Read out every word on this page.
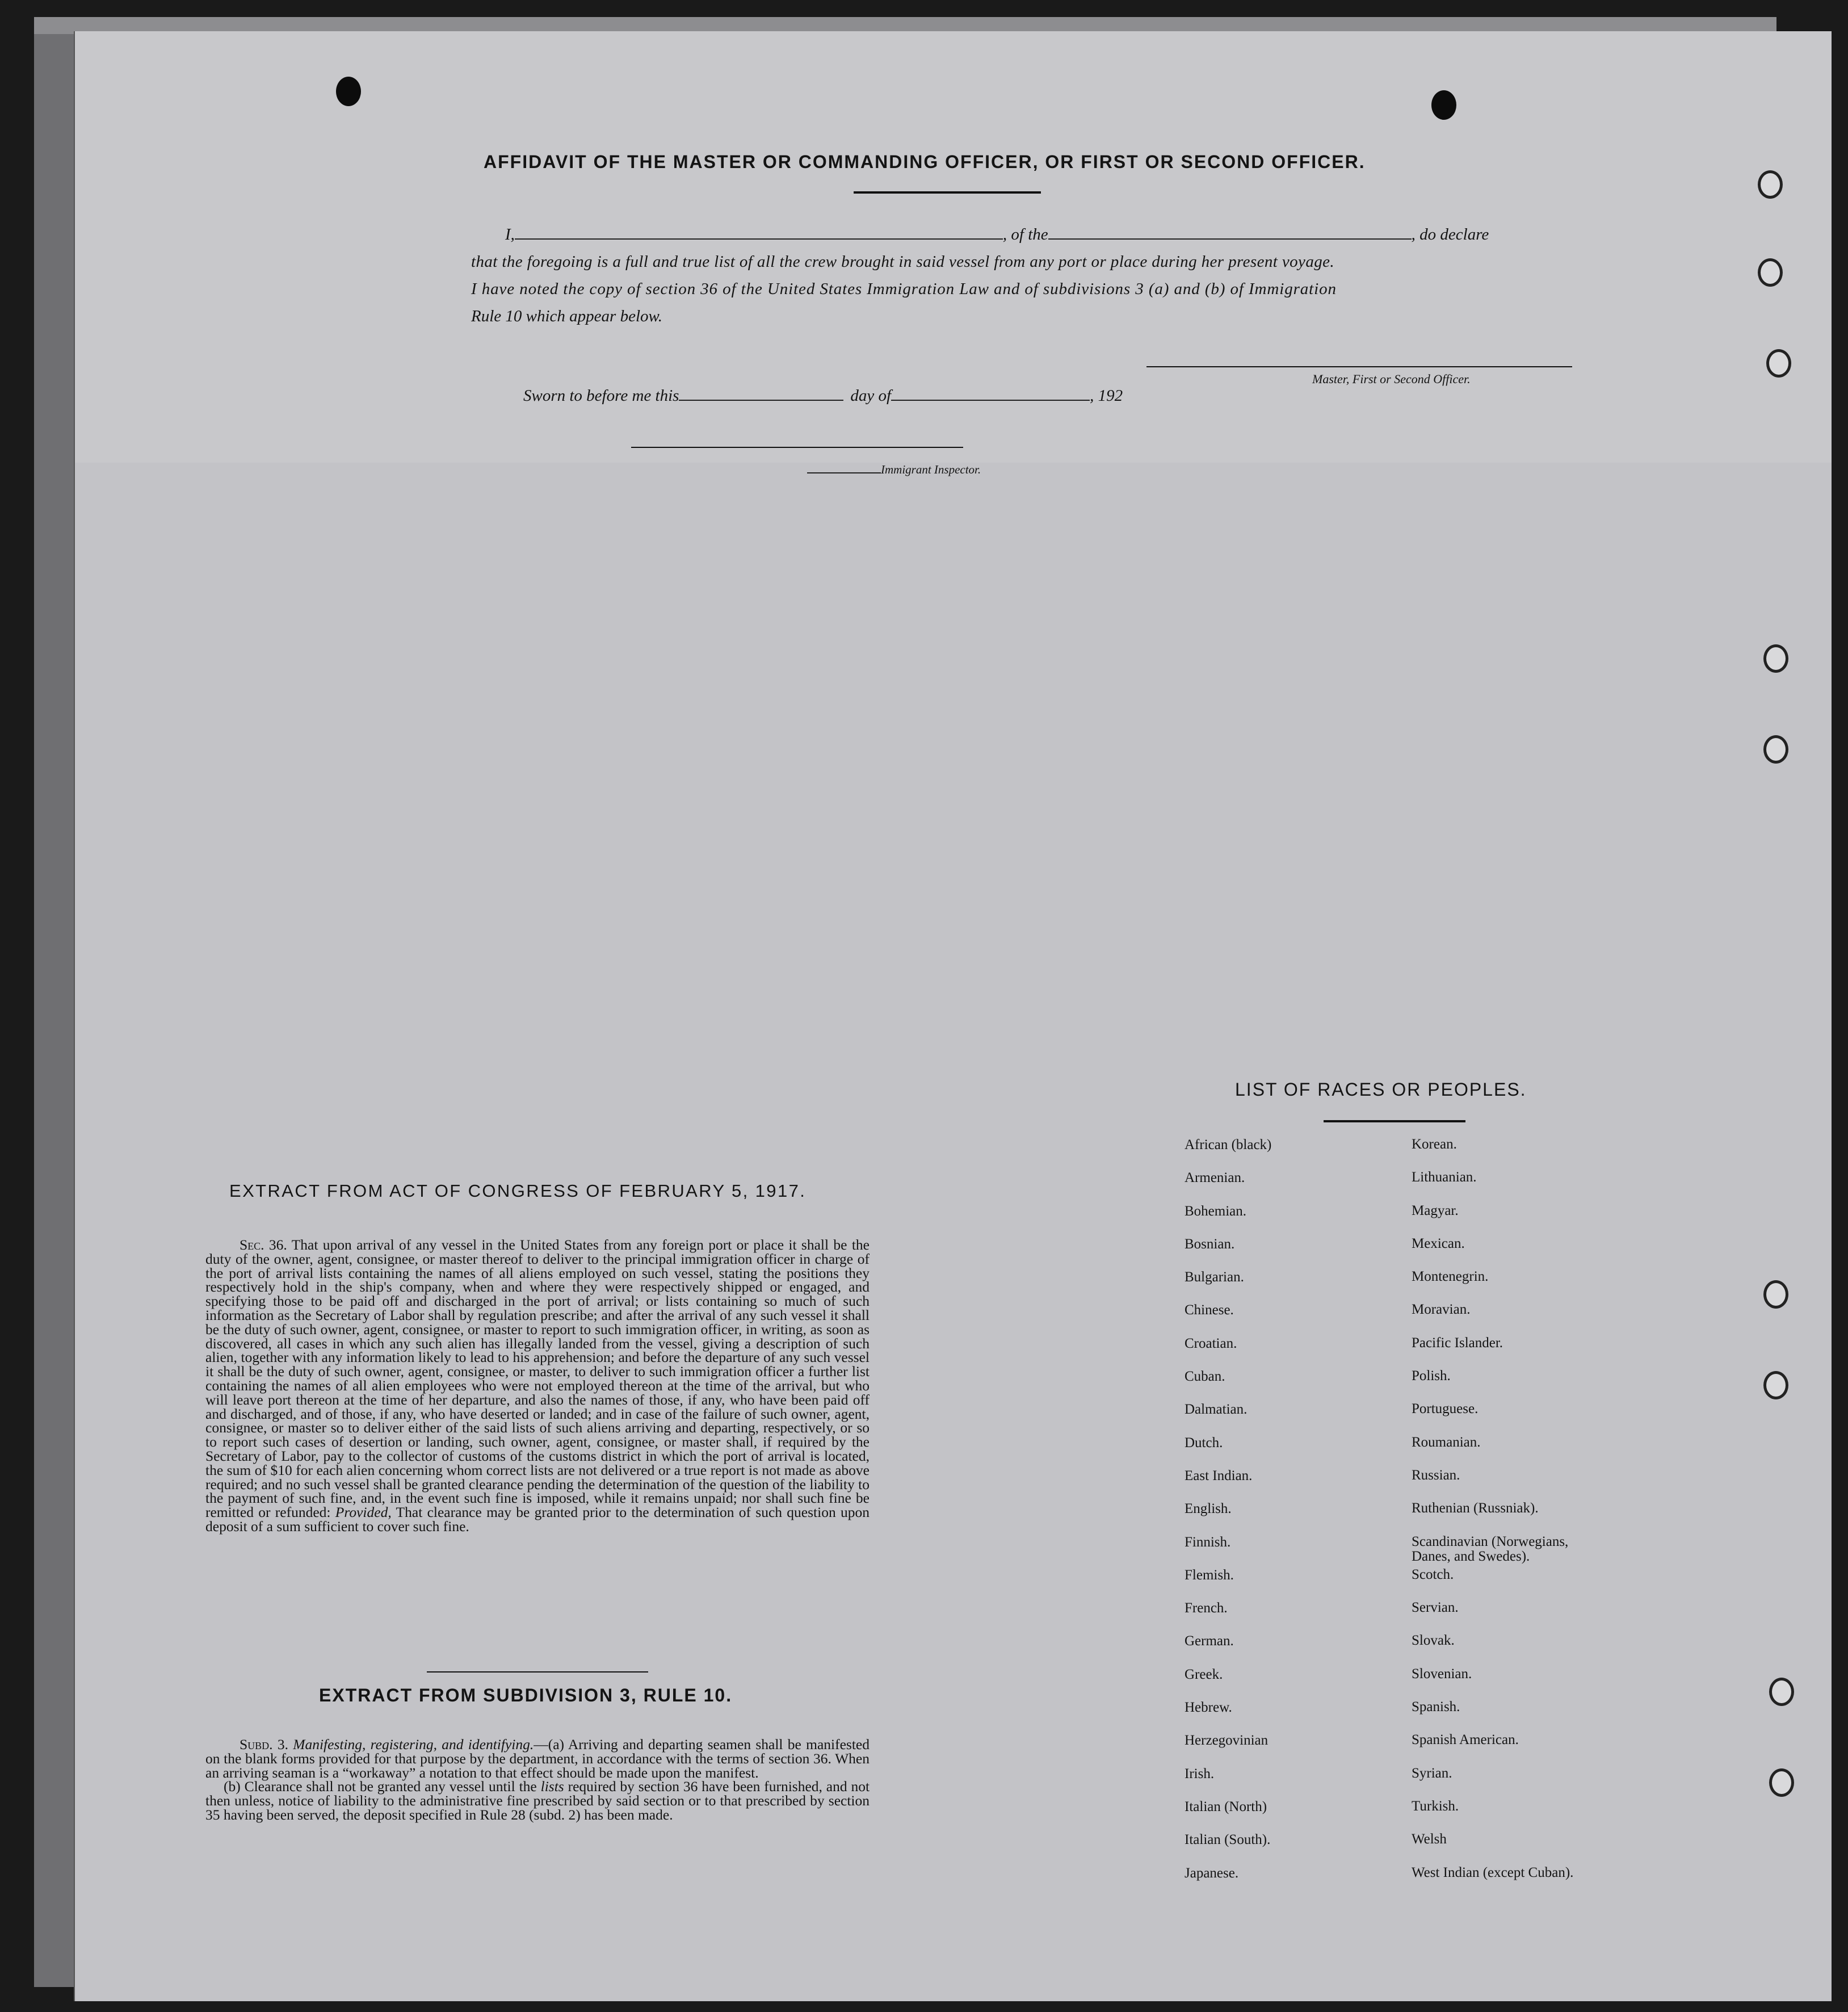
AFFIDAVIT OF THE MASTER OR COMMANDING OFFICER, OR FIRST OR SECOND OFFICER.
I,	, of the	, do declare
that the foregoing is a full and true list of all the crew brought in said vessel from any port or place during her present voyage.
I have noted the copy of section 36 of the United States Immigration Law and of subdivisions 3 (a) and (b) of Immigration
Rule 10 which appear below.
Master, First or Second Officer.
Sworn to before me this	day of	, 192
Immigrant Inspector.
LIST OF RACES OR PEOPLES.
African (black)	Korean.
Armenian.	Lithuanian.
Bohemian.	Magyar.
Bosnian.	Mexican.
Bulgarian.	Montenegrin.
Chinese.	Moravian.
Croatian.	Pacific Islander.
Cuban.	Polish.
Dalmatian.	Portuguese.
Dutch.	Roumanian.
East Indian.	Russian.
English.	Ruthenian (Russniak).
Finnish.	Scandinavian (Norwegians, Danes, and Swedes).
Flemish.	Scotch.
French.	Servian.
German.	Slovak.
Greek.	Slovenian.
Hebrew.	Spanish.
Herzegovinian	Spanish American.
Irish.	Syrian.
Italian (North)	Turkish.
Italian (South).	Welsh
Japanese.	West Indian (except Cuban).
EXTRACT FROM ACT OF CONGRESS OF FEBRUARY 5, 1917.

Sec. 36. That upon arrival of any vessel in the United States from any foreign port or place it shall be the duty of the owner, agent, consignee, or master thereof to deliver to the principal immigration officer in charge of the port of arrival lists containing the names of all aliens employed on such vessel, stating the positions they respectively hold in the ship's company, when and where they were respectively shipped or engaged, and specifying those to be paid off and discharged in the port of arrival; or lists containing so much of such information as the Secretary of Labor shall by regulation prescribe; and after the arrival of any such vessel it shall be the duty of such owner, agent, consignee, or master to report to such immigration officer, in writing, as soon as discovered, all cases in which any such alien has illegally landed from the vessel, giving a description of such alien, together with any information likely to lead to his apprehension; and before the departure of any such vessel it shall be the duty of such owner, agent, consignee, or master, to deliver to such immigration officer a further list containing the names of all alien employees who were not employed thereon at the time of the arrival, but who will leave port thereon at the time of her departure, and also the names of those, if any, who have been paid off and discharged, and of those, if any, who have deserted or landed; and in case of the failure of such owner, agent, consignee, or master so to deliver either of the said lists of such aliens arriving and departing, respectively, or so to report such cases of desertion or landing, such owner, agent, consignee, or master shall, if required by the Secretary of Labor, pay to the collector of customs of the customs district in which the port of arrival is located, the sum of $10 for each alien concerning whom correct lists are not delivered or a true report is not made as above required; and no such vessel shall be granted clearance pending the determination of the question of the liability to the payment of such fine, and, in the event such fine is imposed, while it remains unpaid; nor shall such fine be remitted or refunded: Provided, That clearance may be granted prior to the determination of such question upon deposit of a sum sufficient to cover such fine.

EXTRACT FROM SUBDIVISION 3, RULE 10.

Subd. 3. Manifesting, registering, and identifying.—(a) Arriving and departing seamen shall be manifested on the blank forms provided for that purpose by the department, in accordance with the terms of section 36. When an arriving seaman is a “workaway” a notation to that effect should be made upon the manifest.

(b) Clearance shall not be granted any vessel until the lists required by section 36 have been furnished, and not then unless, notice of liability to the administrative fine prescribed by said section or to that prescribed by section 35 having been served, the deposit specified in Rule 28 (subd. 2) has been made.
